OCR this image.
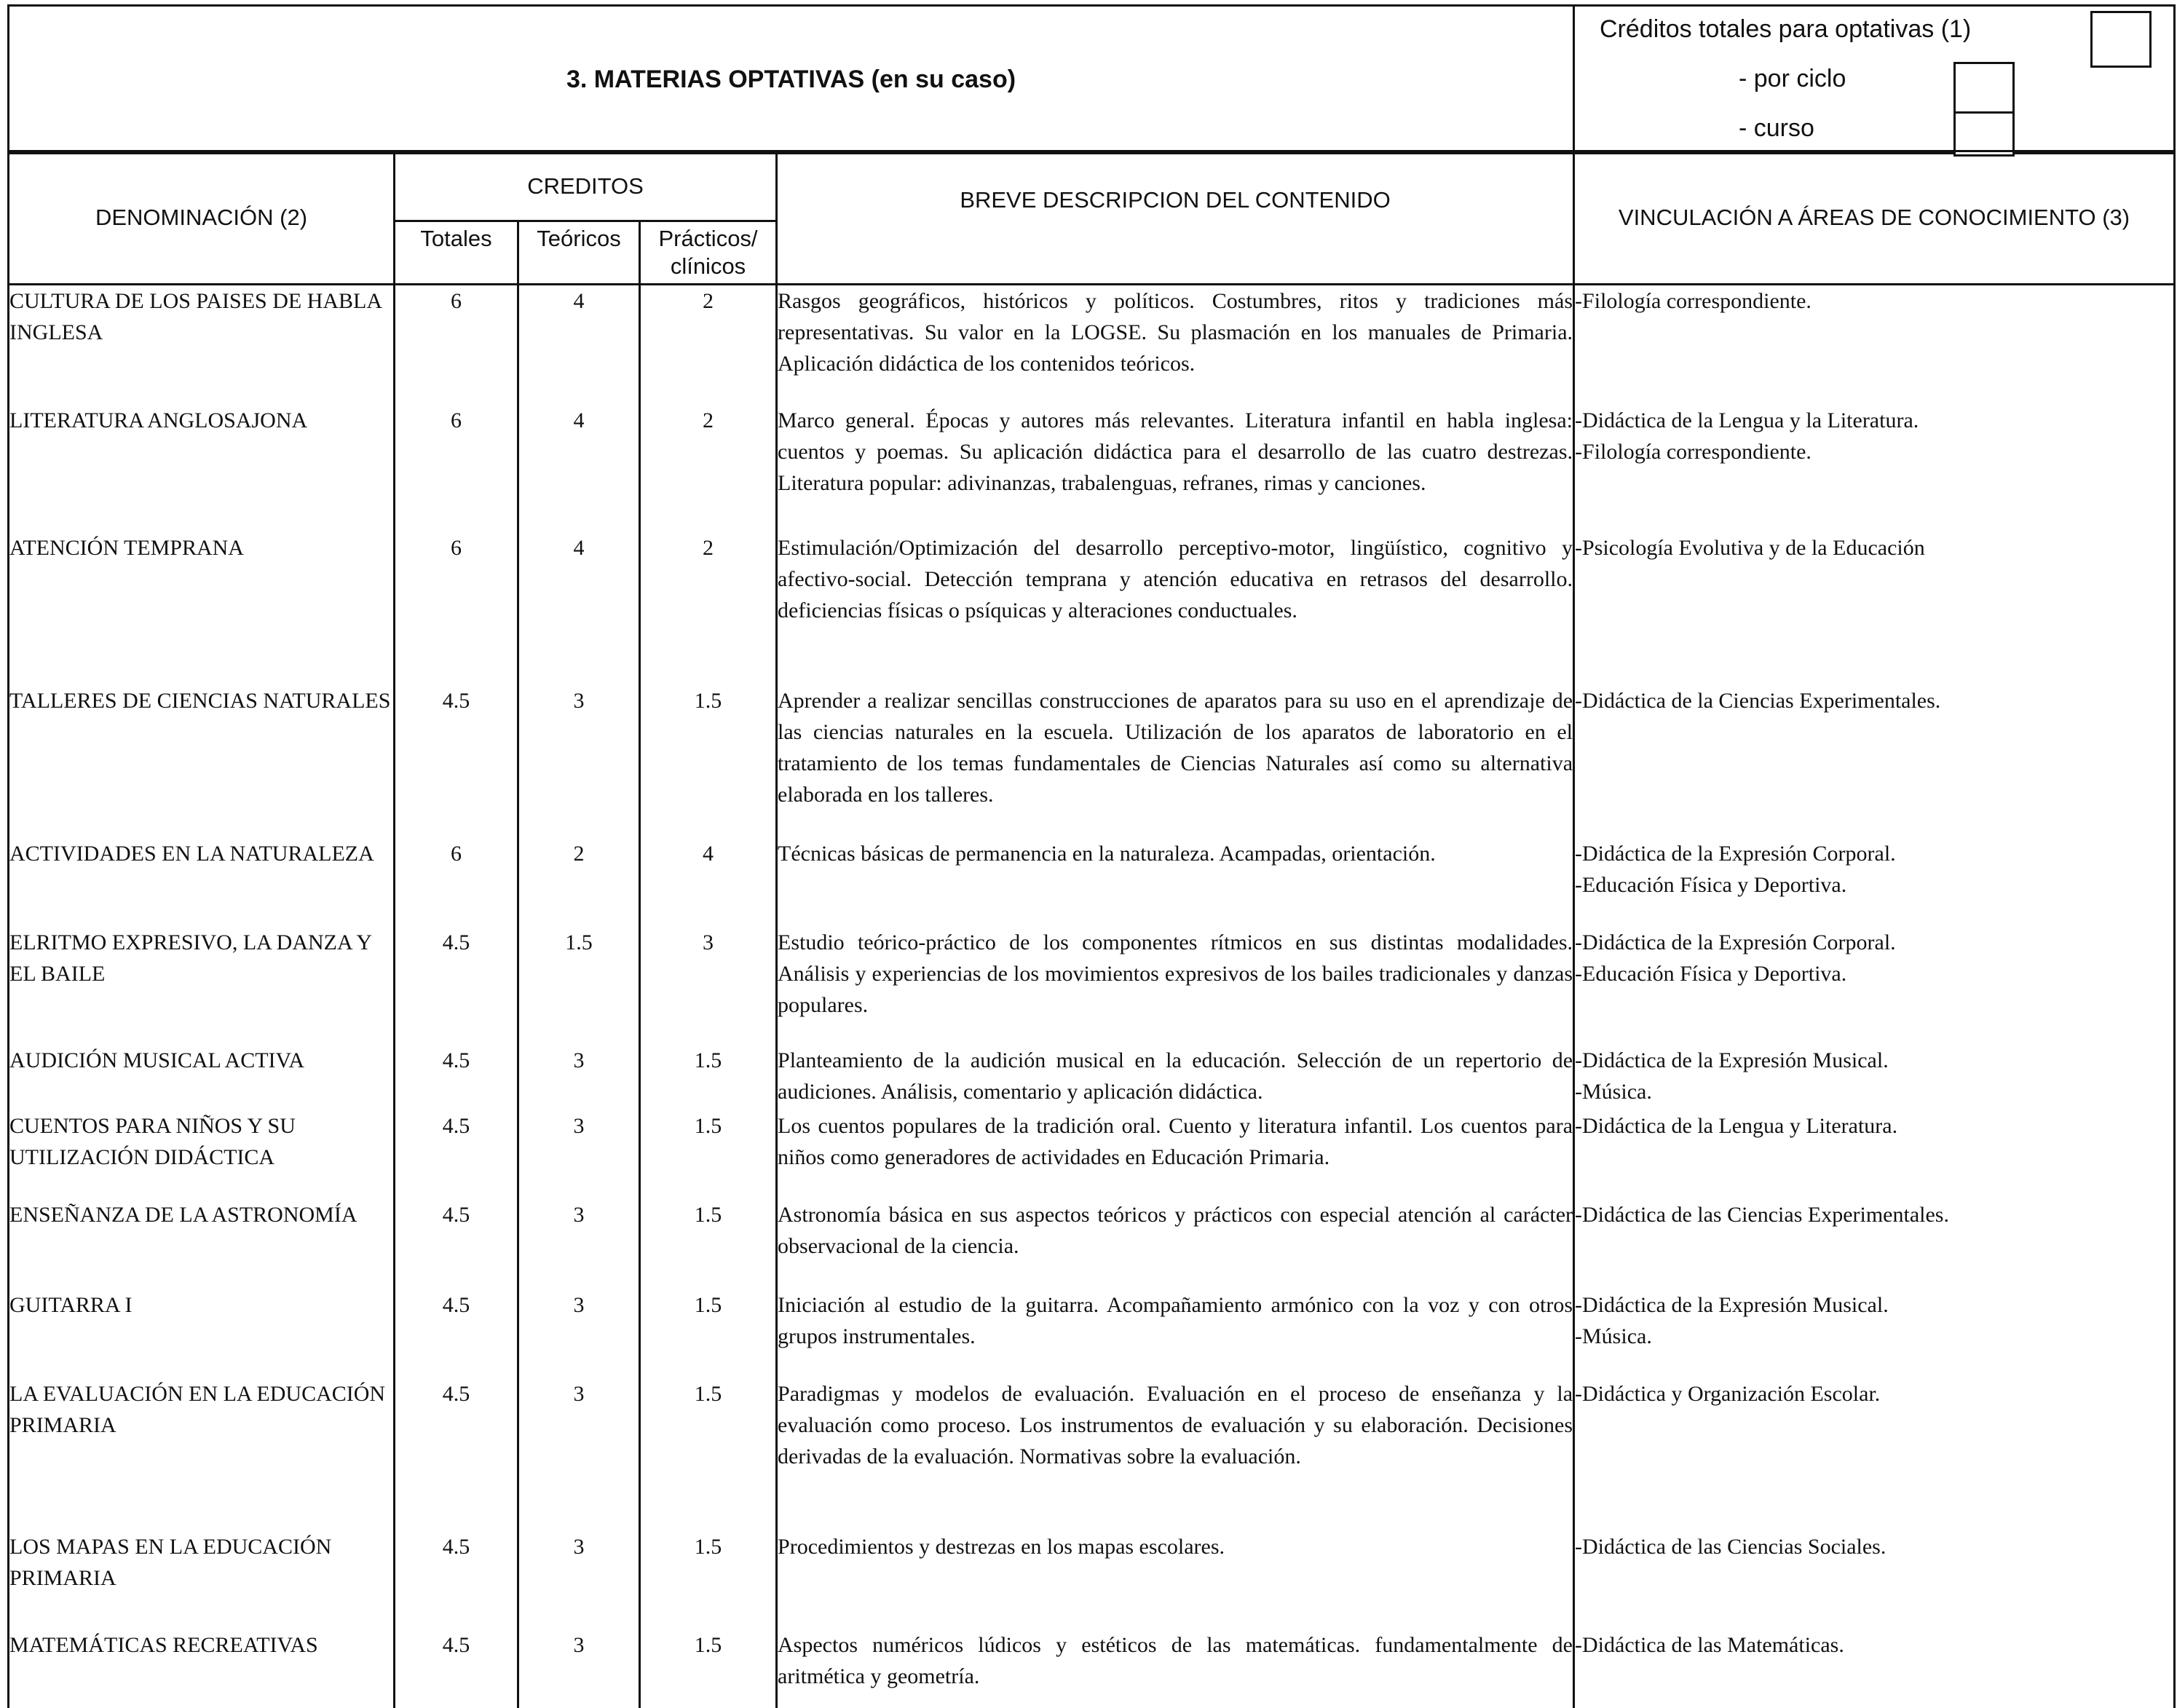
3. MATERIAS OPTATIVAS (en su caso)	
Créditos totales para optativas (1)
- por ciclo
- curso
DENOMINACIÓN (2)	CREDITOS			BREVE DESCRIPCION DEL CONTENIDO	VINCULACIÓN A ÁREAS DE CONOCIMIENTO (3)
	Totales	Teóricos	Prácticos/ clínicos		
CULTURA DE LOS PAISES DE HABLA INGLESA	6	4	2	Rasgos geográficos, históricos y políticos. Costumbres, ritos y tradiciones más representativas. Su valor en la LOGSE. Su plasmación en los manuales de Primaria. Aplicación didáctica de los contenidos teóricos.	-Filología correspondiente.

LITERATURA ANGLOSAJONA	6	4	2	Marco general. Épocas y autores más relevantes. Literatura infantil en habla inglesa: cuentos y poemas. Su aplicación didáctica para el desarrollo de las cuatro destrezas. Literatura popular: adivinanzas, trabalenguas, refranes, rimas y canciones.	-Didáctica de la Lengua y la Literatura.
-Filología correspondiente.

ATENCIÓN TEMPRANA	6	4	2	Estimulación/Optimización del desarrollo perceptivo-motor, lingüístico, cognitivo y afectivo-social. Detección temprana y atención educativa en retrasos del desarrollo. deficiencias físicas o psíquicas y alteraciones conductuales.	-Psicología Evolutiva y de la Educación

TALLERES DE CIENCIAS NATURALES	4.5	3	1.5	Aprender a realizar sencillas construcciones de aparatos para su uso en el aprendizaje de las ciencias naturales en la escuela. Utilización de los aparatos de laboratorio en el tratamiento de los temas fundamentales de Ciencias Naturales así como su alternativa elaborada en los talleres.	-Didáctica de la Ciencias Experimentales.

ACTIVIDADES EN LA NATURALEZA	6	2	4	Técnicas básicas de permanencia en la naturaleza. Acampadas, orientación.	-Didáctica de la Expresión Corporal.
-Educación Física y Deportiva.

ELRITMO EXPRESIVO, LA DANZA Y EL BAILE	4.5	1.5	3	Estudio teórico-práctico de los componentes rítmicos en sus distintas modalidades. Análisis y experiencias de los movimientos expresivos de los bailes tradicionales y danzas populares.	-Didáctica de la Expresión Corporal.
-Educación Física y Deportiva.

AUDICIÓN MUSICAL ACTIVA	4.5	3	1.5	Planteamiento de la audición musical en la educación. Selección de un repertorio de audiciones. Análisis, comentario y aplicación didáctica.	-Didáctica de la Expresión Musical.
-Música.

CUENTOS PARA NIÑOS Y SU UTILIZACIÓN DIDÁCTICA	4.5	3	1.5	Los cuentos populares de la tradición oral. Cuento y literatura infantil. Los cuentos para niños como generadores de actividades en Educación Primaria.	-Didáctica de la Lengua y Literatura.

ENSEÑANZA DE LA ASTRONOMÍA	4.5	3	1.5	Astronomía básica en sus aspectos teóricos y prácticos con especial atención al carácter observacional de la ciencia.	-Didáctica de las Ciencias Experimentales.

GUITARRA I	4.5	3	1.5	Iniciación al estudio de la guitarra. Acompañamiento armónico con la voz y con otros grupos instrumentales.	-Didáctica de la Expresión Musical.
-Música.

LA EVALUACIÓN EN LA EDUCACIÓN PRIMARIA	4.5	3	1.5	Paradigmas y modelos de evaluación. Evaluación en el proceso de enseñanza y la evaluación como proceso. Los instrumentos de evaluación y su elaboración. Decisiones derivadas de la evaluación. Normativas sobre la evaluación.	-Didáctica y Organización Escolar.

LOS MAPAS EN LA EDUCACIÓN PRIMARIA	4.5	3	1.5	Procedimientos y destrezas en los mapas escolares.	-Didáctica de las Ciencias Sociales.

MATEMÁTICAS RECREATIVAS	4.5	3	1.5	Aspectos numéricos lúdicos y estéticos de las matemáticas. fundamentalmente de aritmética y geometría.	-Didáctica de las Matemáticas.
